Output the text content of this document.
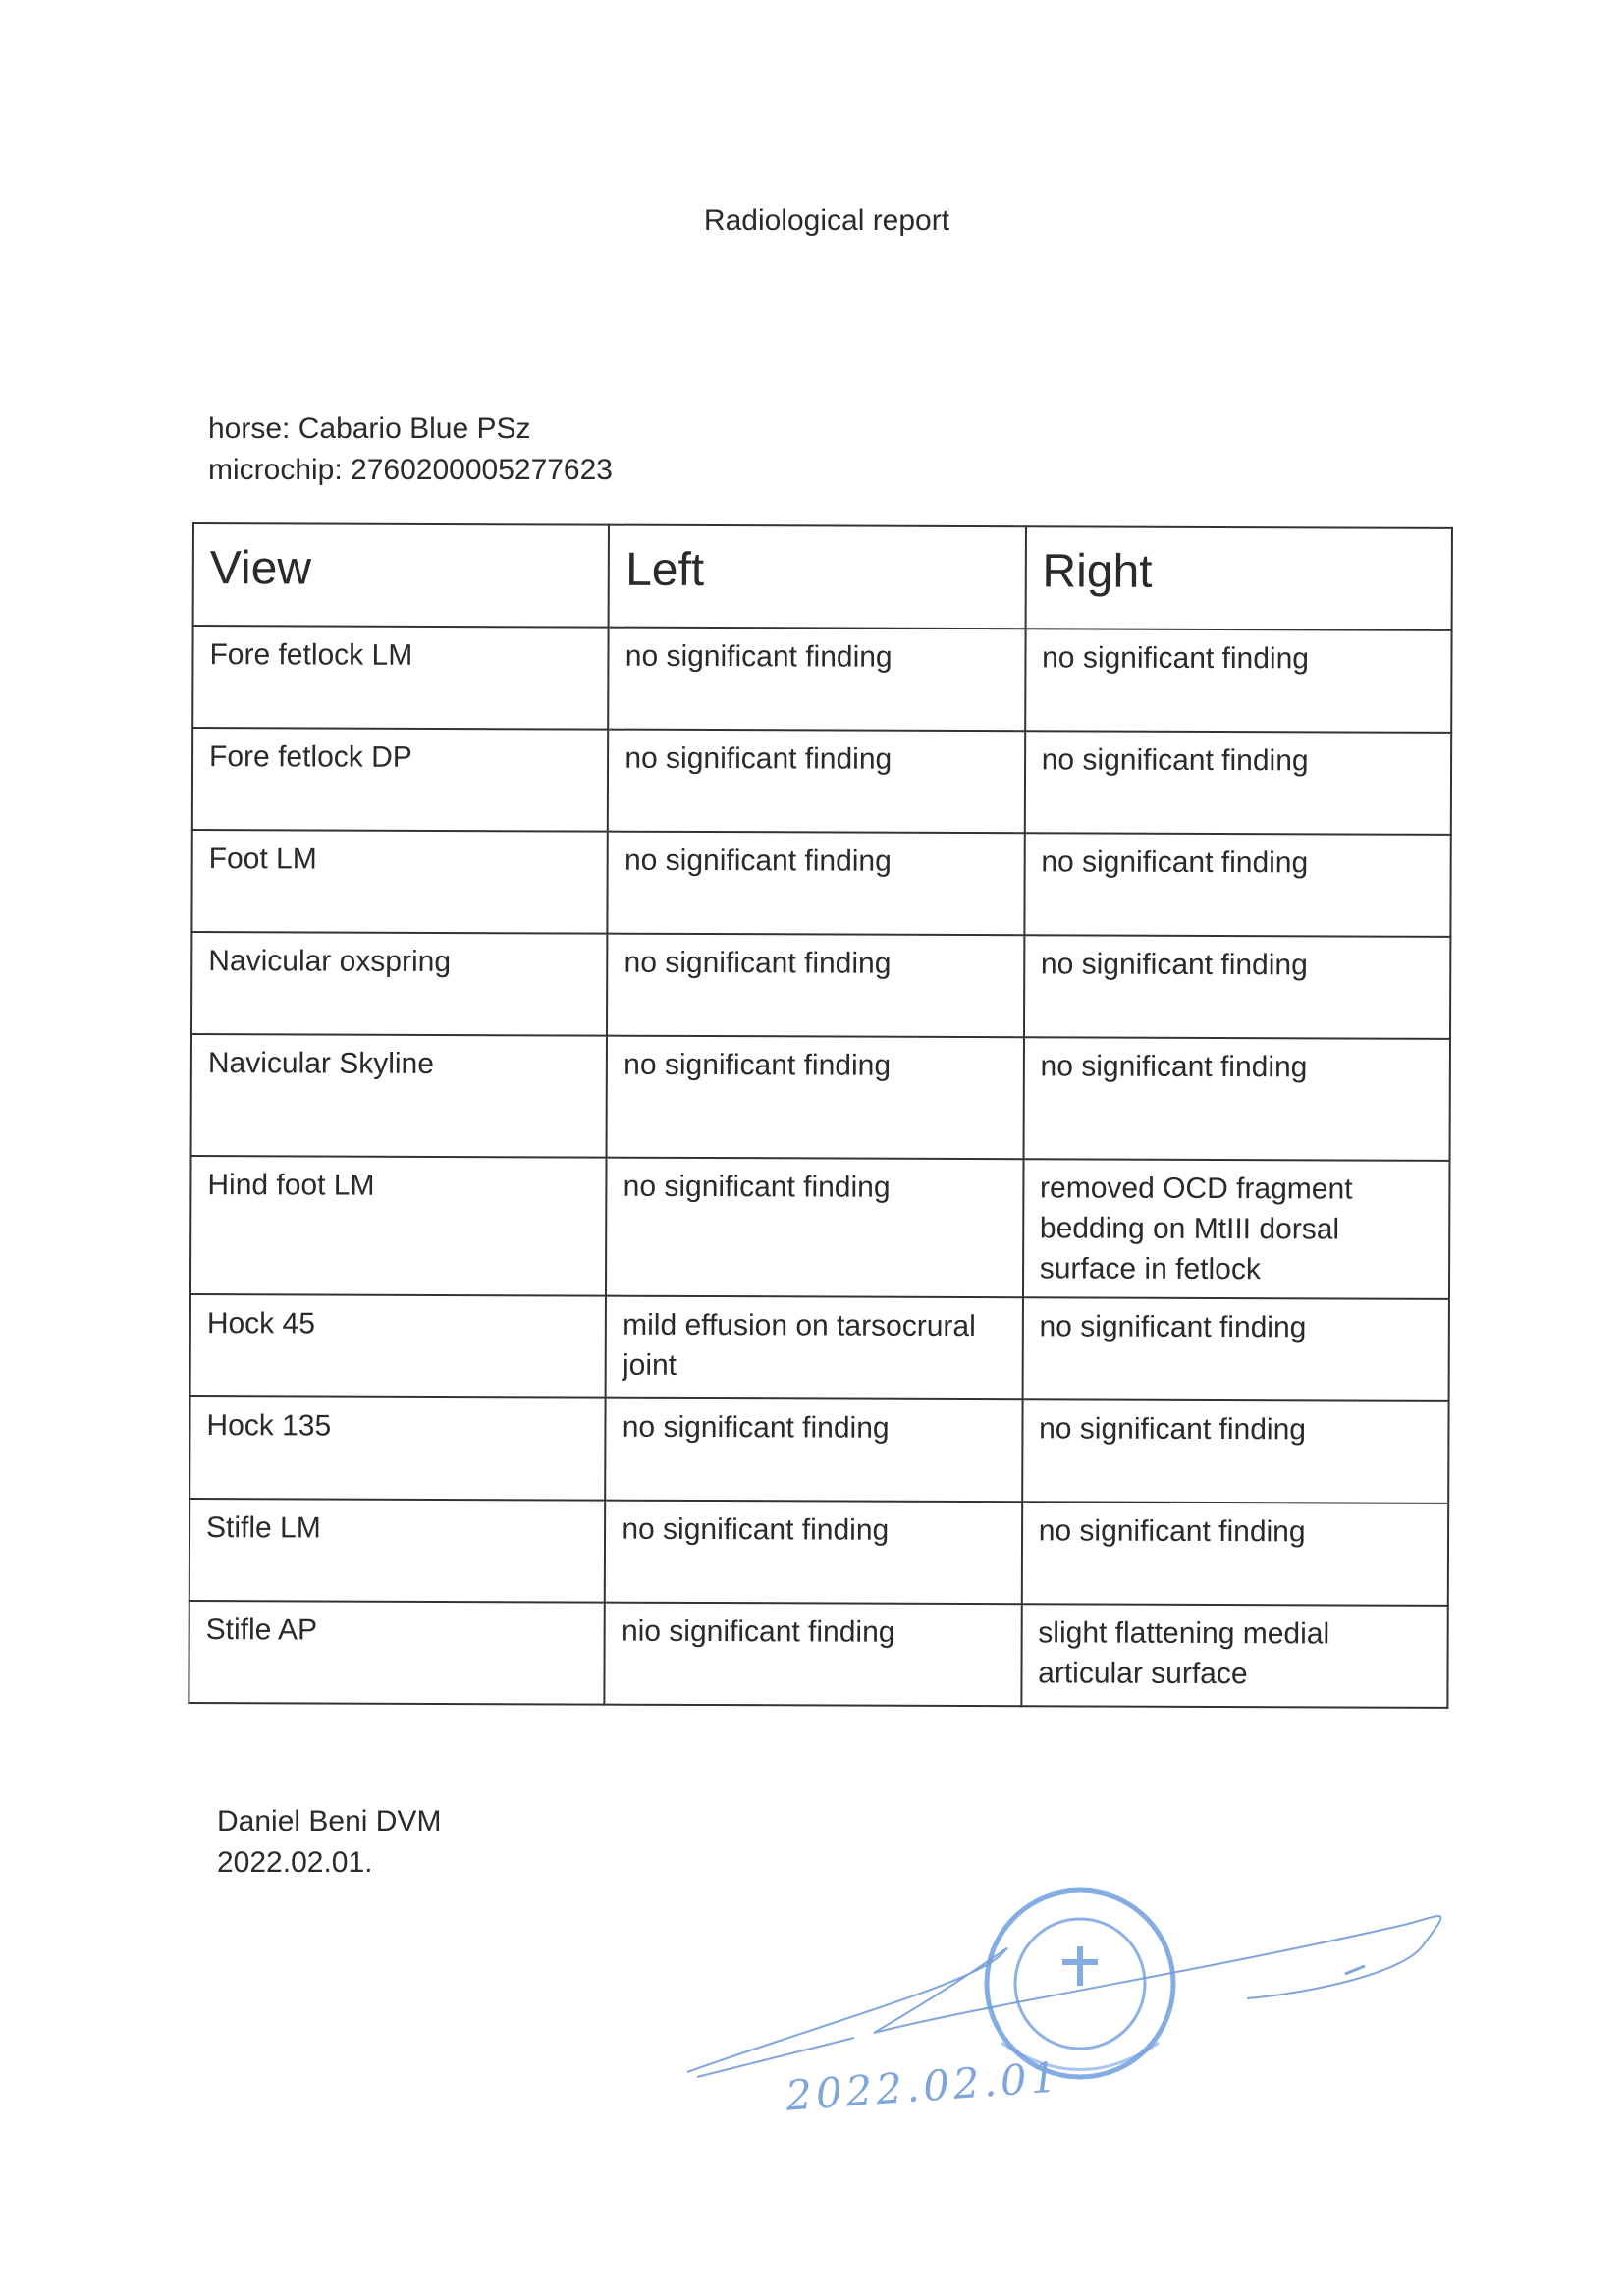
Radiological report
horse: Cabario Blue PSz
microchip: 276020000527762​3
View	Left	Right
Fore fetlock LM	no significant finding	no significant finding
Fore fetlock DP	no significant finding	no significant finding
Foot LM	no significant finding	no significant finding
Navicular oxspring	no significant finding	no significant finding
Navicular Skyline	no significant finding	no significant finding
Hind foot LM	no significant finding	removed OCD fragment bedding on MtIII dorsal surface in fetlock
Hock 45	mild effusion on tarsocrural joint	no significant finding
Hock 135	no significant finding	no significant finding
Stifle LM	no significant finding	no significant finding
Stifle AP	nio significant finding	slight flattening medial articular surface
Daniel Beni DVM
2022.02.01.
2022.02.01
